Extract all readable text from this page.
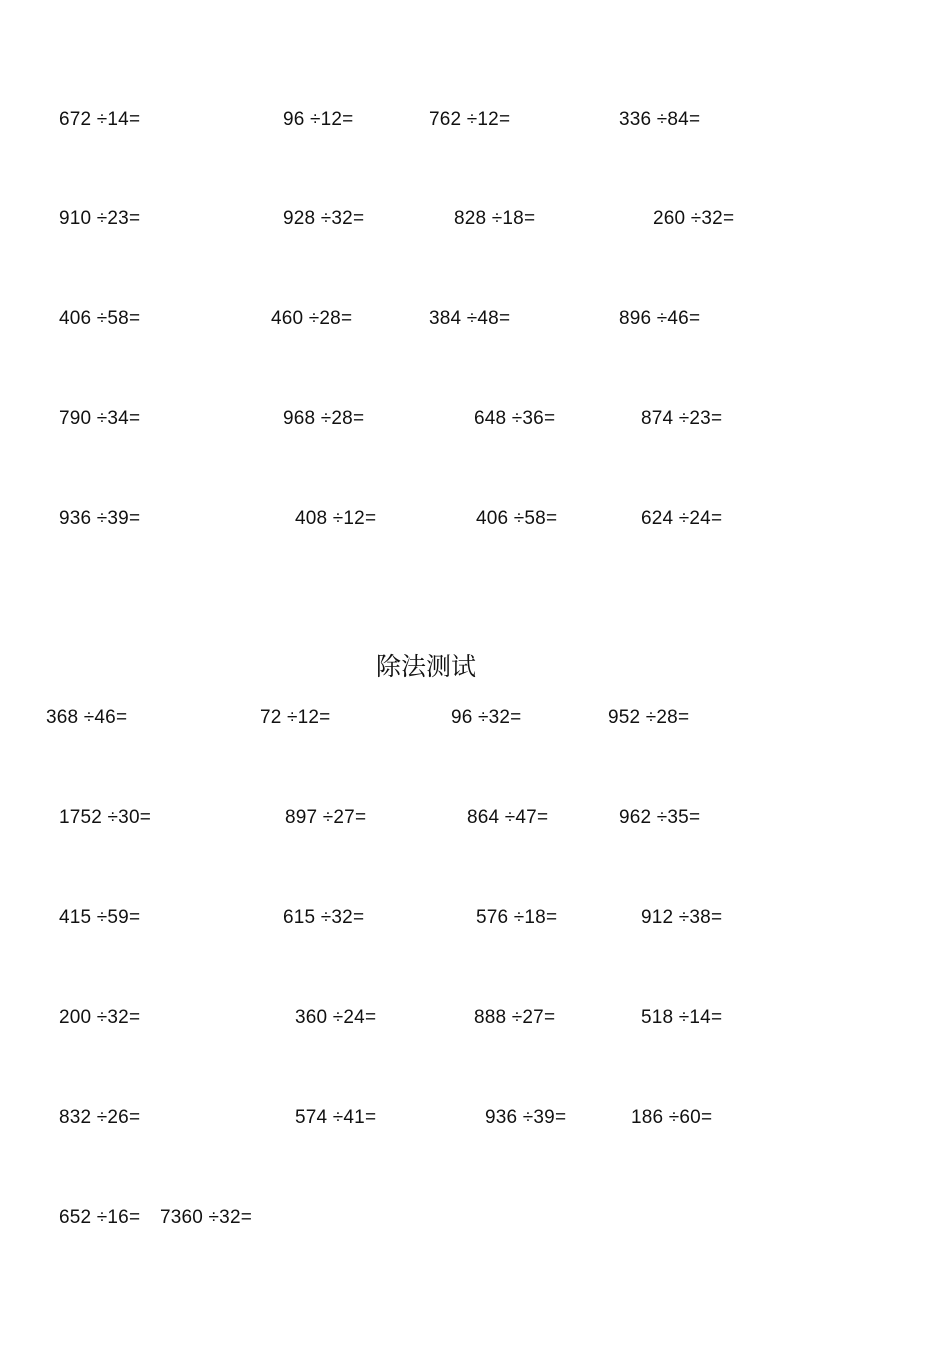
672 ÷14=	96 ÷12=	762 ÷12=	336 ÷84=
910 ÷23=	928 ÷32=	828 ÷18=	260 ÷32=
406 ÷58=	460 ÷28=	384 ÷48=	896 ÷46=
790 ÷34=	968 ÷28=	648 ÷36=	874 ÷23=
936 ÷39=	408 ÷12=	406 ÷58=	624 ÷24=
除法测试
368 ÷46=	72 ÷12=	96 ÷32=	952 ÷28=
1752 ÷30=	897 ÷27=	864 ÷47=	962 ÷35=
415 ÷59=	615 ÷32=	576 ÷18=	912 ÷38=
200 ÷32=	360 ÷24=	888 ÷27=	518 ÷14=
832 ÷26=	574 ÷41=	936 ÷39=	186 ÷60=
652 ÷16= 7360 ÷32=
